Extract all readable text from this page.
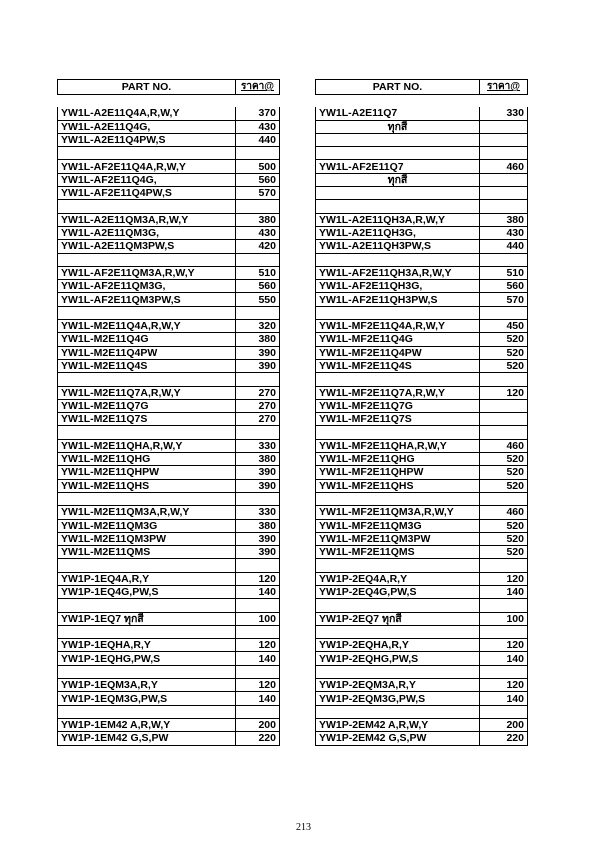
PART NO.	ราคา@

YW1L-A2E11Q4A,R,W,Y	370
YW1L-A2E11Q4G,	430
YW1L-A2E11Q4PW,S	440

YW1L-AF2E11Q4A,R,W,Y	500
YW1L-AF2E11Q4G,	560
YW1L-AF2E11Q4PW,S	570

YW1L-A2E11QM3A,R,W,Y	380
YW1L-A2E11QM3G,	430
YW1L-A2E11QM3PW,S	420

YW1L-AF2E11QM3A,R,W,Y	510
YW1L-AF2E11QM3G,	560
YW1L-AF2E11QM3PW,S	550

YW1L-M2E11Q4A,R,W,Y	320
YW1L-M2E11Q4G	380
YW1L-M2E11Q4PW	390
YW1L-M2E11Q4S	390

YW1L-M2E11Q7A,R,W,Y	270
YW1L-M2E11Q7G	270
YW1L-M2E11Q7S	270

YW1L-M2E11QHA,R,W,Y	330
YW1L-M2E11QHG	380
YW1L-M2E11QHPW	390
YW1L-M2E11QHS	390

YW1L-M2E11QM3A,R,W,Y	330
YW1L-M2E11QM3G	380
YW1L-M2E11QM3PW	390
YW1L-M2E11QMS	390

YW1P-1EQ4A,R,Y	120
YW1P-1EQ4G,PW,S	140

YW1P-1EQ7 ทุกสี	100

YW1P-1EQHA,R,Y	120
YW1P-1EQHG,PW,S	140

YW1P-1EQM3A,R,Y	120
YW1P-1EQM3G,PW,S	140

YW1P-1EM42 A,R,W,Y	200
YW1P-1EM42 G,S,PW	220
PART NO.	ราคา@

YW1L-A2E11Q7	330
ทุกสี	

YW1L-AF2E11Q7	460
ทุกสี	

YW1L-A2E11QH3A,R,W,Y	380
YW1L-A2E11QH3G,	430
YW1L-A2E11QH3PW,S	440

YW1L-AF2E11QH3A,R,W,Y	510
YW1L-AF2E11QH3G,	560
YW1L-AF2E11QH3PW,S	570

YW1L-MF2E11Q4A,R,W,Y	450
YW1L-MF2E11Q4G	520
YW1L-MF2E11Q4PW	520
YW1L-MF2E11Q4S	520

YW1L-MF2E11Q7A,R,W,Y	120
YW1L-MF2E11Q7G	
YW1L-MF2E11Q7S	

YW1L-MF2E11QHA,R,W,Y	460
YW1L-MF2E11QHG	520
YW1L-MF2E11QHPW	520
YW1L-MF2E11QHS	520

YW1L-MF2E11QM3A,R,W,Y	460
YW1L-MF2E11QM3G	520
YW1L-MF2E11QM3PW	520
YW1L-MF2E11QMS	520

YW1P-2EQ4A,R,Y	120
YW1P-2EQ4G,PW,S	140

YW1P-2EQ7 ทุกสี	100

YW1P-2EQHA,R,Y	120
YW1P-2EQHG,PW,S	140

YW1P-2EQM3A,R,Y	120
YW1P-2EQM3G,PW,S	140

YW1P-2EM42 A,R,W,Y	200
YW1P-2EM42 G,S,PW	220
213
